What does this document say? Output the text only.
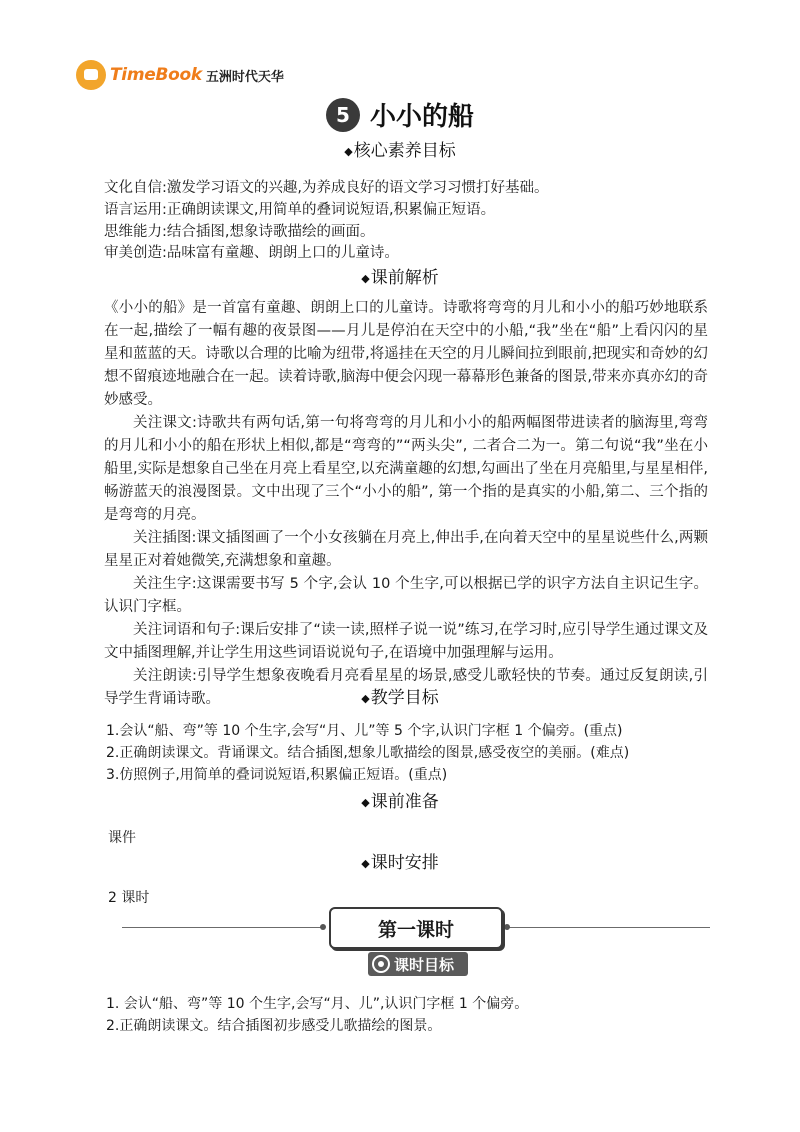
TimeBook 五洲时代天华
5 小小的船
◆核心素养目标
文化自信:激发学习语文的兴趣,为养成良好的语文学习习惯打好基础。
语言运用:正确朗读课文,用简单的叠词说短语,积累偏正短语。
思维能力:结合插图,想象诗歌描绘的画面。
审美创造:品味富有童趣、朗朗上口的儿童诗。
◆课前解析

《小小的船》是一首富有童趣、朗朗上口的儿童诗。诗歌将弯弯的月儿和小小的船巧妙地联系在一起,描绘了一幅有趣的夜景图——月儿是停泊在天空中的小船,“我”坐在“船”上看闪闪的星星和蓝蓝的天。诗歌以合理的比喻为纽带,将遥挂在天空的月儿瞬间拉到眼前,把现实和奇妙的幻想不留痕迹地融合在一起。读着诗歌,脑海中便会闪现一幕幕形色兼备的图景,带来亦真亦幻的奇妙感受。

关注课文:诗歌共有两句话,第一句将弯弯的月儿和小小的船两幅图带进读者的脑海里,弯弯的月儿和小小的船在形状上相似,都是“弯弯的”“两头尖”, 二者合二为一。第二句说“我”坐在小船里,实际是想象自己坐在月亮上看星空,以充满童趣的幻想,勾画出了坐在月亮船里,与星星相伴,畅游蓝天的浪漫图景。文中出现了三个“小小的船”, 第一个指的是真实的小船,第二、三个指的是弯弯的月亮。

关注插图:课文插图画了一个小女孩躺在月亮上,伸出手,在向着天空中的星星说些什么,两颗星星正对着她微笑,充满想象和童趣。

关注生字:这课需要书写 5 个字,会认 10 个生字,可以根据已学的识字方法自主识记生字。认识门字框。

关注词语和句子:课后安排了“读一读,照样子说一说”练习,在学习时,应引导学生通过课文及文中插图理解,并让学生用这些词语说说句子,在语境中加强理解与运用。

关注朗读:引导学生想象夜晚看月亮看星星的场景,感受儿歌轻快的节奏。通过反复朗读,引导学生背诵诗歌。	◆教学目标
1.会认“船、弯”等 10 个生字,会写“月、儿”等 5 个字,认识门字框 1 个偏旁。(重点)
2.正确朗读课文。背诵课文。结合插图,想象儿歌描绘的图景,感受夜空的美丽。(难点)
3.仿照例子,用简单的叠词说短语,积累偏正短语。(重点)
◆课前准备
课件
◆课时安排
2 课时
第一课时
课时目标
1. 会认“船、弯”等 10 个生字,会写“月、儿”,认识门字框 1 个偏旁。
2.正确朗读课文。结合插图初步感受儿歌描绘的图景。
